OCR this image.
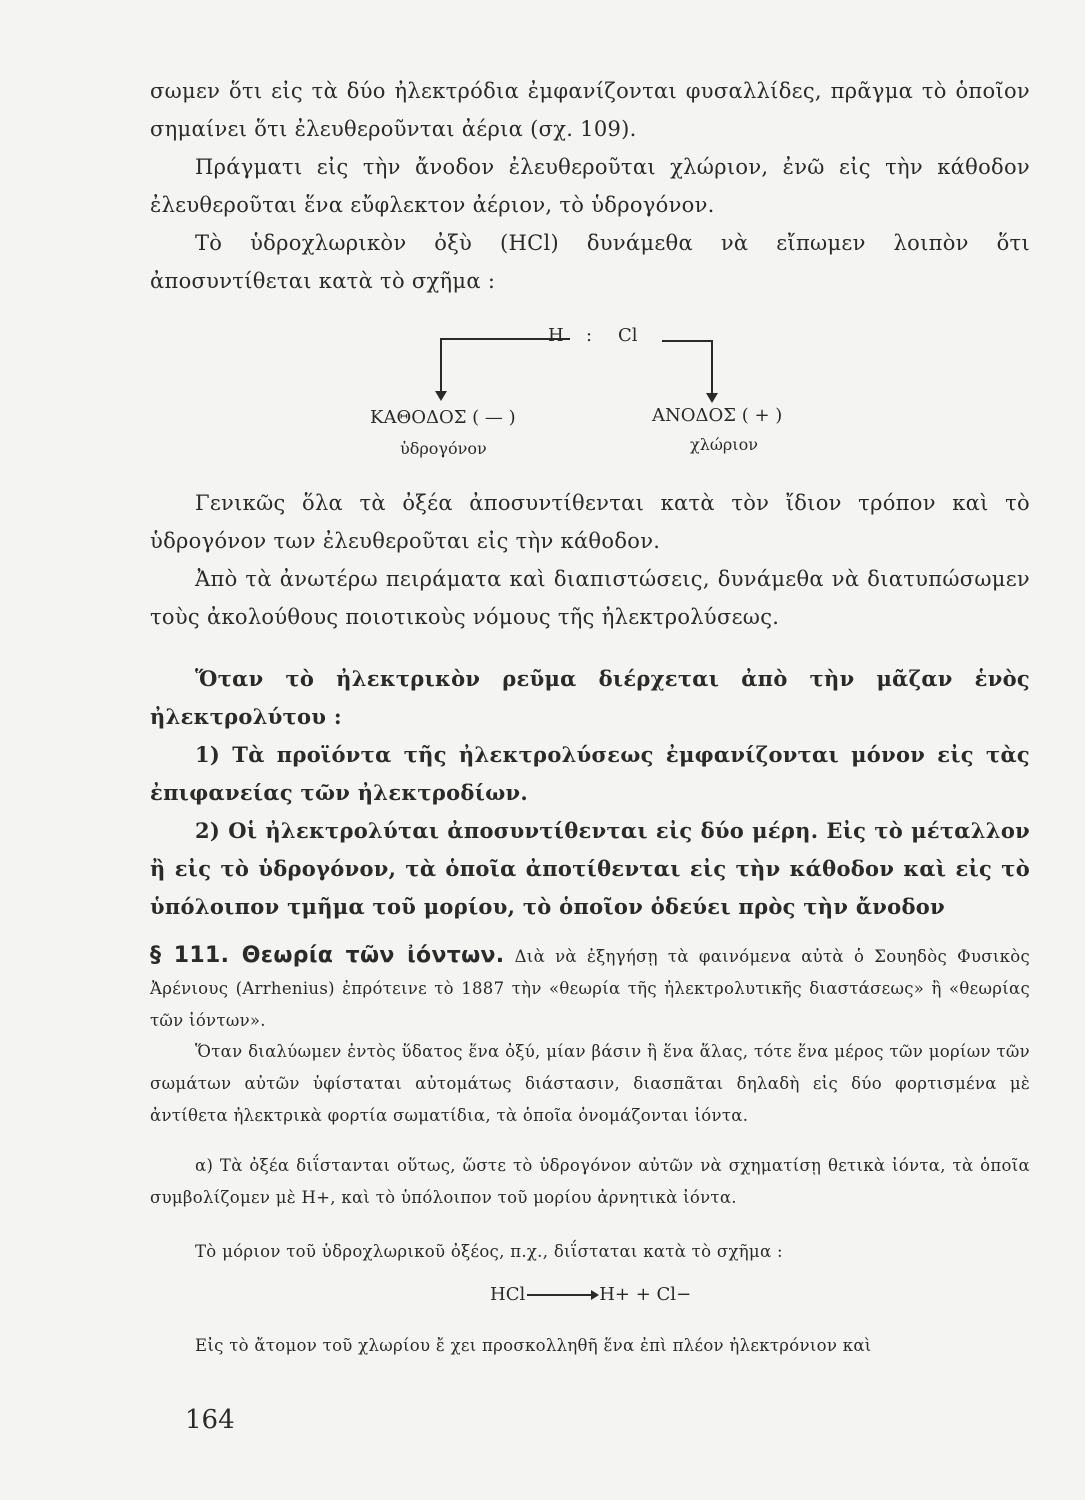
σωμεν ὅτι εἰς τὰ δύο ἠλεκτρόδια ἐμφανίζονται φυσαλλίδες, πρᾶγμα τὸ ὁποῖον σημαίνει ὅτι ἐλευθεροῦνται ἀέρια (σχ. 109).
Πράγματι εἰς τὴν ἄνοδον ἐλευθεροῦται χλώριον, ἐνῶ εἰς τὴν κάθοδον ἐλευθεροῦται ἕνα εὔφλεκτον ἀέριον, τὸ ὑδρογόνον.
Τὸ ὑδροχλωρικὸν ὀξὺ (HCl) δυνάμεθα νὰ εἴπωμεν λοιπὸν ὅτι ἀποσυντίθεται κατὰ τὸ σχῆμα :
H : Cl
ΚΑΘΟΔΟΣ ( — )
ὑδρογόνον
ΑΝΟΔΟΣ ( + )
χλώριον
Γενικῶς ὅλα τὰ ὀξέα ἀποσυντίθενται κατὰ τὸν ἴδιον τρόπον καὶ τὸ ὑδρογόνον των ἐλευθεροῦται εἰς τὴν κάθοδον.
Ἀπὸ τὰ ἀνωτέρω πειράματα καὶ διαπιστώσεις, δυνάμεθα νὰ διατυπώσωμεν τοὺς ἀκολούθους ποιοτικοὺς νόμους τῆς ἠλεκτρολύσεως.
Ὅταν τὸ ἠλεκτρικὸν ρεῦμα διέρχεται ἀπὸ τὴν μᾶζαν ἑνὸς ἠλεκτρολύτου :
1) Τὰ προϊόντα τῆς ἠλεκτρολύσεως ἐμφανίζονται μόνον εἰς τὰς ἐπιφανείας τῶν ἠλεκτροδίων.
2) Οἱ ἠλεκτρολύται ἀποσυντίθενται εἰς δύο μέρη. Εἰς τὸ μέταλλον ἢ εἰς τὸ ὑδρογόνον, τὰ ὁποῖα ἀποτίθενται εἰς τὴν κάθοδον καὶ εἰς τὸ ὑπόλοιπον τμῆμα τοῦ μορίου, τὸ ὁποῖον ὁδεύει πρὸς τὴν ἄνοδον
§ 111. Θεωρία τῶν ἰόντων. Διὰ νὰ ἐξηγήσῃ τὰ φαινόμενα αὐτὰ ὁ Σουηδὸς Φυσικὸς Ἀρένιους (Arrhenius) ἐπρότεινε τὸ 1887 τὴν «θεωρία τῆς ἠλεκτρολυτικῆς διαστάσεως» ἢ «θεωρίας τῶν ἰόντων».
Ὅταν διαλύωμεν ἐντὸς ὕδατος ἕνα ὀξύ, μίαν βάσιν ἢ ἕνα ἅλας, τότε ἕνα μέρος τῶν μορίων τῶν σωμάτων αὐτῶν ὑφίσταται αὐτομάτως διάστασιν, διασπᾶται δηλαδὴ εἰς δύο φορτισμένα μὲ ἀντίθετα ἠλεκτρικὰ φορτία σωματίδια, τὰ ὁποῖα ὀνομάζονται ἰόντα.
α) Τὰ ὀξέα διΐστανται οὕτως, ὥστε τὸ ὑδρογόνον αὐτῶν νὰ σχηματίσῃ θετικὰ ἰόντα, τὰ ὁποῖα συμβολίζομεν μὲ H+, καὶ τὸ ὑπόλοιπον τοῦ μορίου ἀρνητικὰ ἰόντα.
Τὸ μόριον τοῦ ὑδροχλωρικοῦ ὀξέος, π.χ., διΐσταται κατὰ τὸ σχῆμα :
HCl → H+ + Cl−
Εἰς τὸ ἄτομον τοῦ χλωρίου ἔ χει προσκολληθῆ ἕνα ἐπὶ πλέον ἠλεκτρόνιον καὶ
164
